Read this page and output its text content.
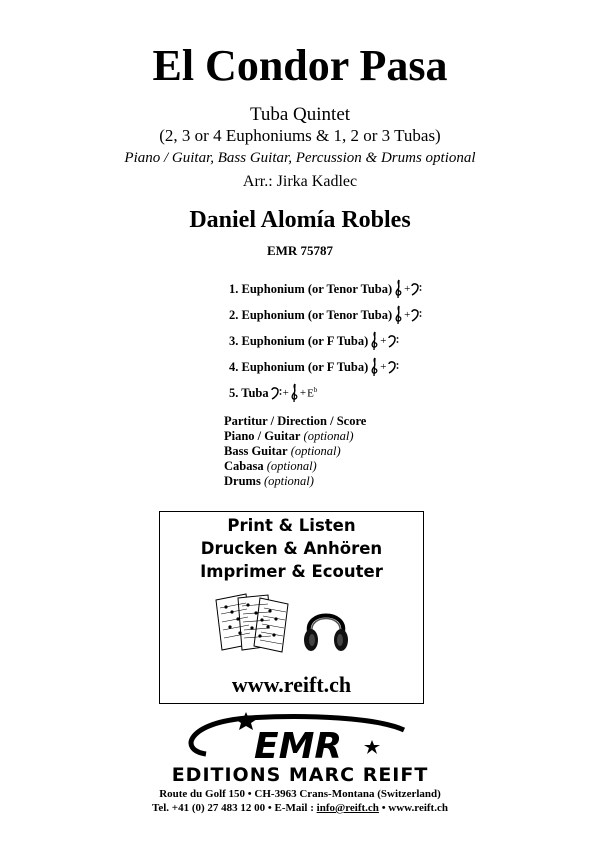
El Condor Pasa
Tuba Quintet
(2, 3 or 4 Euphoniums & 1, 2 or 3 Tubas)
Piano / Guitar, Bass Guitar, Percussion & Drums optional
Arr.: Jirka Kadlec
Daniel Alomía Robles
EMR 75787
1. Euphonium (or Tenor Tuba) +
2. Euphonium (or Tenor Tuba) +
3. Euphonium (or F Tuba) +
4. Euphonium (or F Tuba) +
5. Tuba + + $E^b$
Partitur / Direction / Score
Piano / Guitar (optional)
Bass Guitar (optional)
Cabasa (optional)
Drums (optional)
Print & Listen
Drucken & Anhören
Imprimer & Ecouter
www.reift.ch
EMR
EDITIONS MARC REIFT
Route du Golf 150 • CH-3963 Crans-Montana (Switzerland)
Tel. +41 (0) 27 483 12 00 • E-Mail : info@reift.ch • www.reift.ch
